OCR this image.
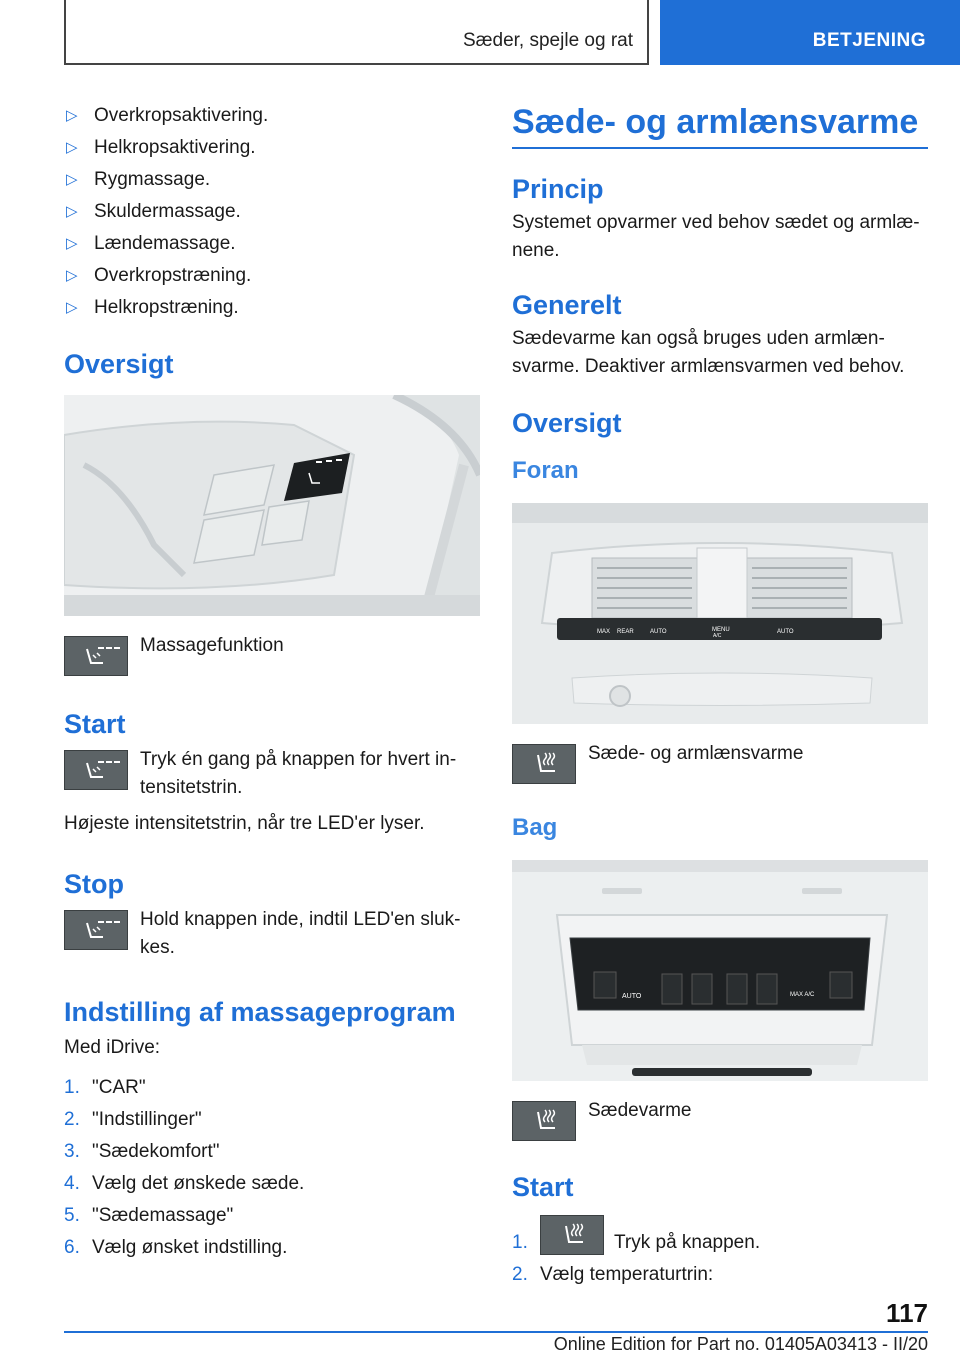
Sæder, spejle og rat	BETJENING
▷ Overkropsaktivering.
▷ Helkropsaktivering.
▷ Rygmassage.
▷ Skuldermassage.
▷ Lændemassage.
▷ Overkropstræning.
▷ Helkropstræning.
Oversigt
Massagefunktion
Start
Tryk én gang på knappen for hvert in-tensitetstrin.

Højeste intensitetstrin, når tre LED'er lyser.

Stop
Hold knappen inde, indtil LED'en sluk-kes.
Indstilling af massageprogram

Med iDrive:

1. "CAR"
2. "Indstillinger"
3. "Sædekomfort"
4. Vælg det ønskede sæde.
5. "Sædemassage"
6. Vælg ønsket indstilling.
Sæde- og armlænsvarme
Princip

Systemet opvarmer ved behov sædet og armlæ-nene.

Generelt

Sædevarme kan også bruges uden armlæn-svarme. Deaktiver armlænsvarmen ved behov.

Oversigt
Foran
MAX REAR	AUTO	MENU
A/C
AUTO
Sæde- og armlænsvarme
Bag
AUTO	MAX A/C
Sædevarme
Start
1.	Tryk på knappen.
2. Vælg temperaturtrin:
117
Online Edition for Part no. 01405A03413 - II/20
